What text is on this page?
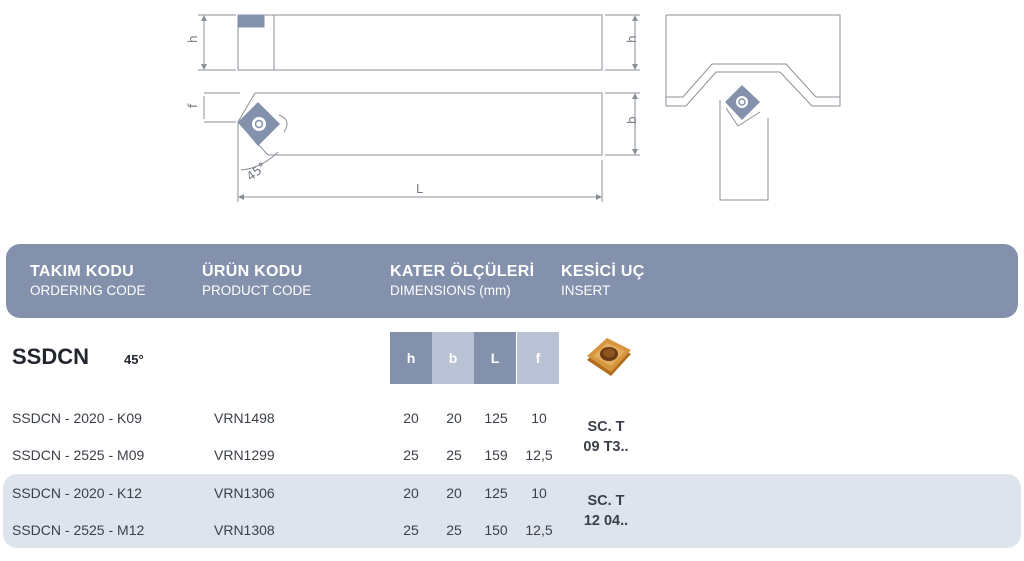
h	h
f
b
L
45°
TAKIM KODU
ORDERING CODE
ÜRÜN KODU
PRODUCT CODE
KATER ÖLÇÜLERİ
DIMENSIONS (mm)
KESİCİ UÇ
INSERT
SSDCN	45°	h	b	L	f
SSDCN - 2020 - K09	VRN1498	20	20	125	10
SSDCN - 2525 - M09	VRN1299	25	25	159	12,5
SC. T
09 T3..
SSDCN - 2020 - K12	VRN1306	20	20	125	10
SSDCN - 2525 - M12	VRN1308	25	25	150	12,5
SC. T
12 04..
